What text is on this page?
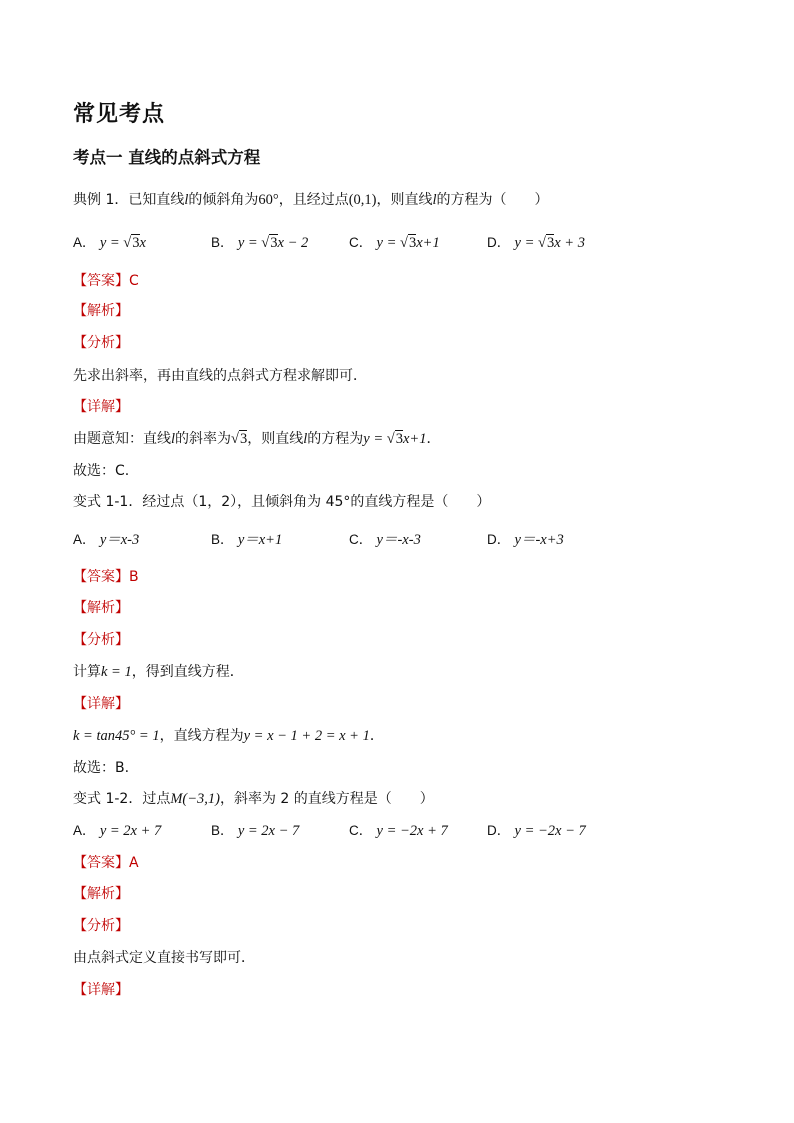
常见考点
考点一 直线的点斜式方程
典例 1．已知直线l的倾斜角为60°，且经过点(0,1)，则直线l的方程为（　　）
A． y = √3x	B． y = √3x − 2	C． y = √3x+1	D． y = √3x + 3
【答案】C
【解析】
【分析】
先求出斜率，再由直线的点斜式方程求解即可．
【详解】
由题意知：直线l的斜率为√3，则直线l的方程为y = √3x+1．
故选：C.
变式 1-1．经过点（1，2），且倾斜角为 45°的直线方程是（　　）
A． y＝x-3	B． y＝x+1	C． y＝-x-3	D． y＝-x+3
【答案】B
【解析】
【分析】
计算k = 1，得到直线方程．
【详解】
k = tan45° = 1，直线方程为y = x − 1 + 2 = x + 1．
故选：B.
变式 1-2．过点M(−3,1)，斜率为 2 的直线方程是（　　）
A． y = 2x + 7	B． y = 2x − 7	C． y = −2x + 7	D． y = −2x − 7
【答案】A
【解析】
【分析】
由点斜式定义直接书写即可．
【详解】
